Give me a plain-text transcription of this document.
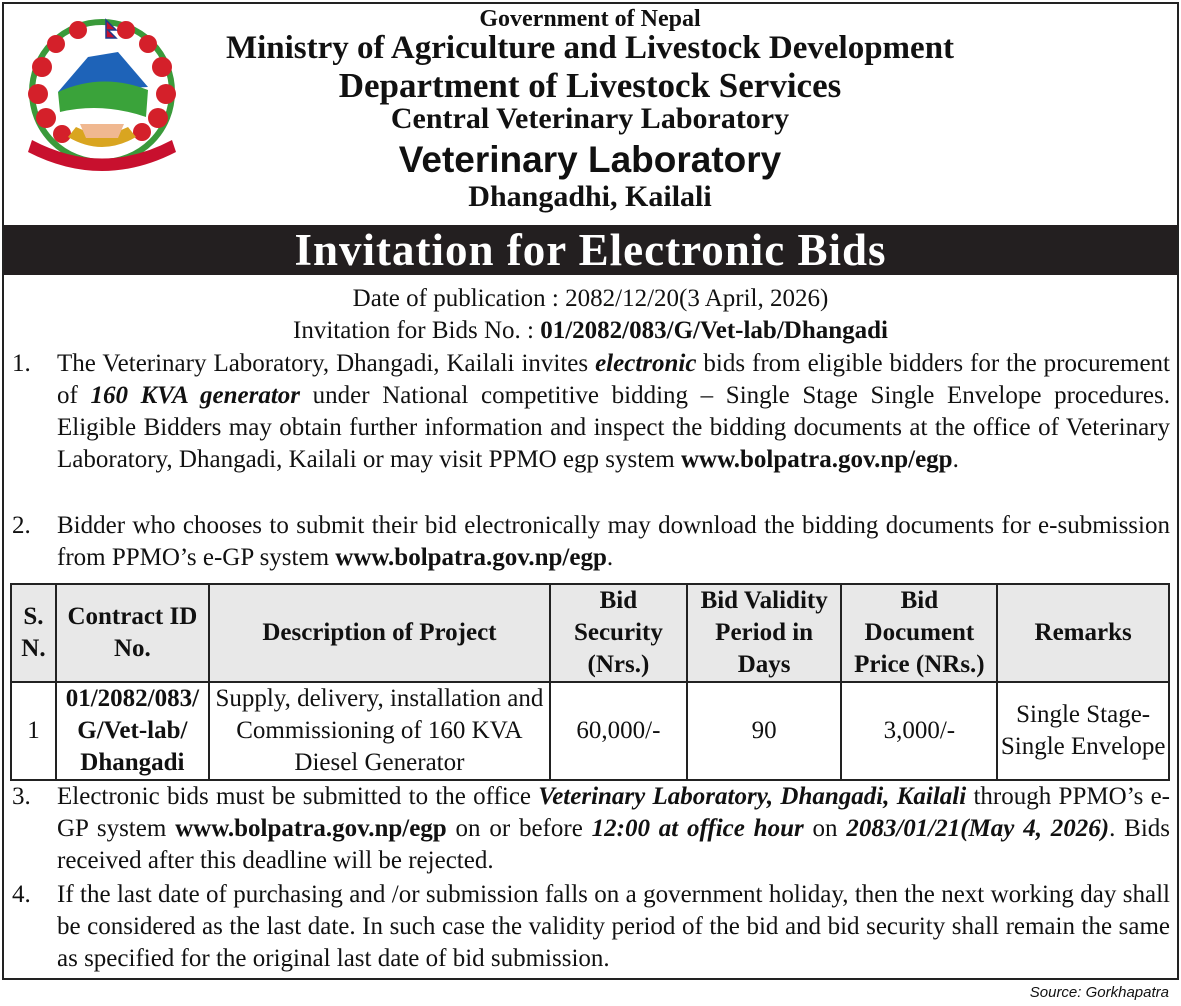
Government of Nepal
Ministry of Agriculture and Livestock Development
Department of Livestock Services
Central Veterinary Laboratory
Veterinary Laboratory
Dhangadhi, Kailali
Invitation for Electronic Bids
Date of publication : 2082/12/20(3 April, 2026)
Invitation for Bids No. : 01/2082/083/G/Vet-lab/Dhangadi
1. The Veterinary Laboratory, Dhangadi, Kailali invites electronic bids from eligible bidders for the procurement of 160 KVA generator under National competitive bidding – Single Stage Single Envelope procedures. Eligible Bidders may obtain further information and inspect the bidding documents at the office of Veterinary Laboratory, Dhangadi, Kailali or may visit PPMO egp system www.bolpatra.gov.np/egp.
2. Bidder who chooses to submit their bid electronically may download the bidding documents for e-submission from PPMO’s e-GP system www.bolpatra.gov.np/egp.
S. N.	Contract ID No.	Description of Project	Bid Security (Nrs.)	Bid Validity Period in Days	Bid Document Price (NRs.)	Remarks
1	01/2082/083/ G/Vet-lab/ Dhangadi	Supply, delivery, installation and Commissioning of 160 KVA Diesel Generator	60,000/-	90	3,000/-	Single Stage- Single Envelope
3. Electronic bids must be submitted to the office Veterinary Laboratory, Dhangadi, Kailali through PPMO’s e-GP system www.bolpatra.gov.np/egp on or before 12:00 at office hour on 2083/01/21(May 4, 2026). Bids received after this deadline will be rejected.
4. If the last date of purchasing and /or submission falls on a government holiday, then the next working day shall be considered as the last date. In such case the validity period of the bid and bid security shall remain the same as specified for the original last date of bid submission.
Source: Gorkhapatra
